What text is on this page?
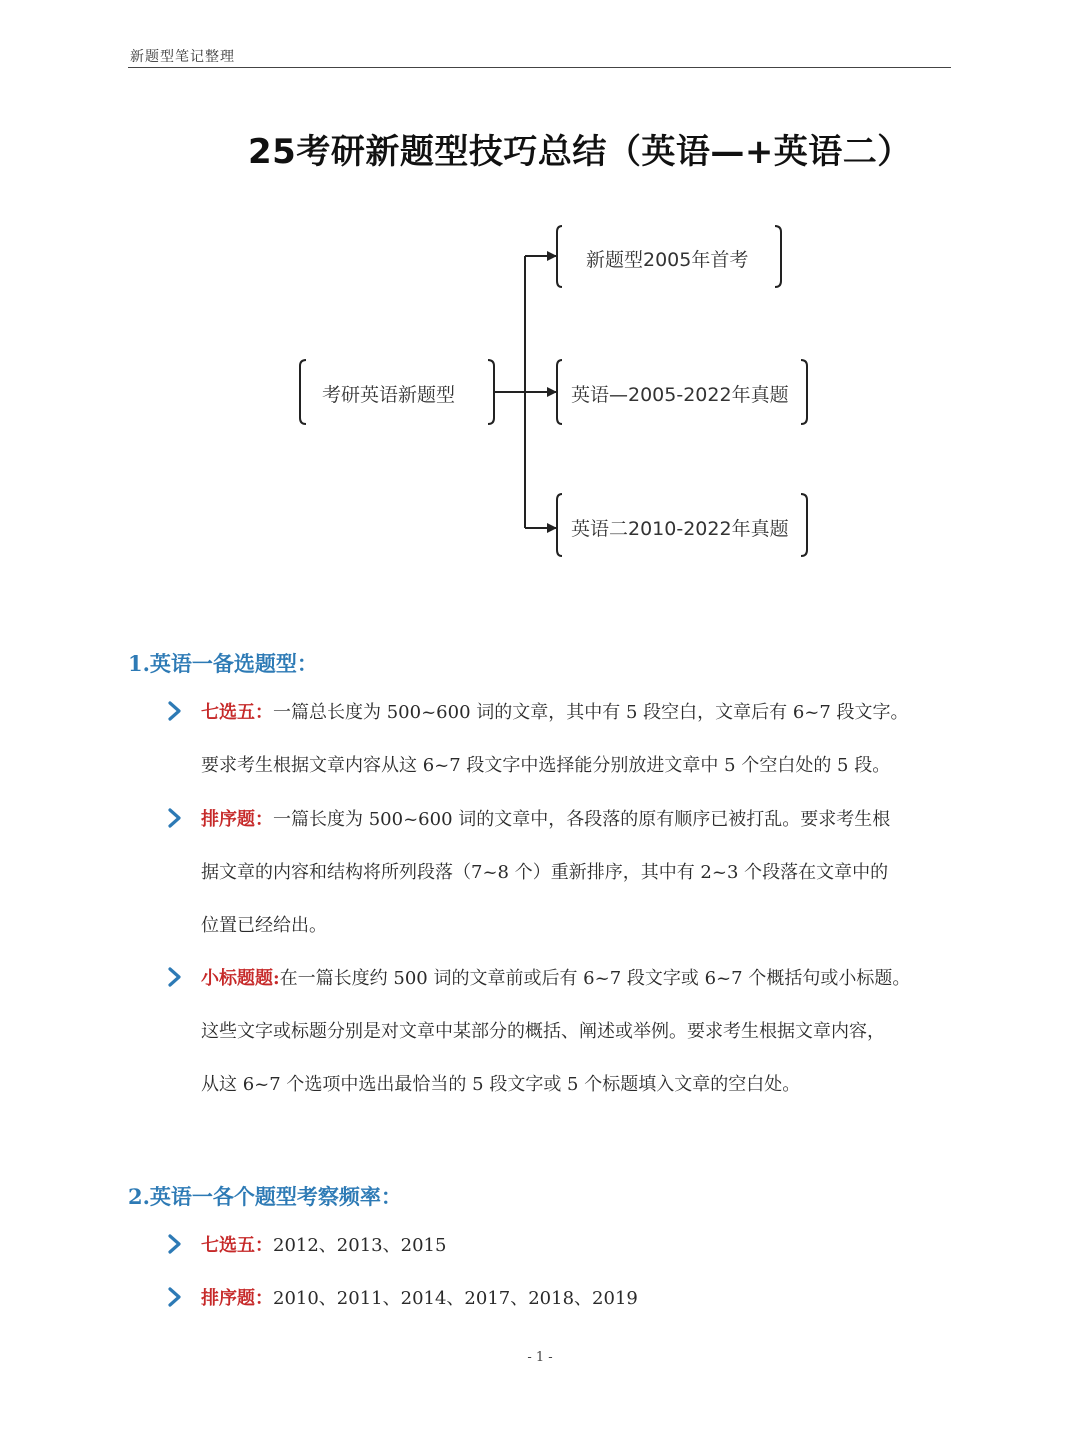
新题型笔记整理
25考研新题型技巧总结（英语—+英语二）
考研英语新题型
新题型2005年首考
英语—2005-2022年真题
英语二2010-2022年真题
1.英语一备选题型：
七选五：一篇总长度为 500~600 词的文章，其中有 5 段空白，文章后有 6~7 段文字。
要求考生根据文章内容从这 6~7 段文字中选择能分别放进文章中 5 个空白处的 5 段。
排序题：一篇长度为 500~600 词的文章中，各段落的原有顺序已被打乱。要求考生根
据文章的内容和结构将所列段落（7~8 个）重新排序，其中有 2~3 个段落在文章中的
位置已经给出。
小标题题:在一篇长度约 500 词的文章前或后有 6~7 段文字或 6~7 个概括句或小标题。
这些文字或标题分别是对文章中某部分的概括、阐述或举例。要求考生根据文章内容，
从这 6~7 个选项中选出最恰当的 5 段文字或 5 个标题填入文章的空白处。
2.英语一各个题型考察频率：
七选五：2012、2013、2015
排序题：2010、2011、2014、2017、2018、2019
- 1 -
